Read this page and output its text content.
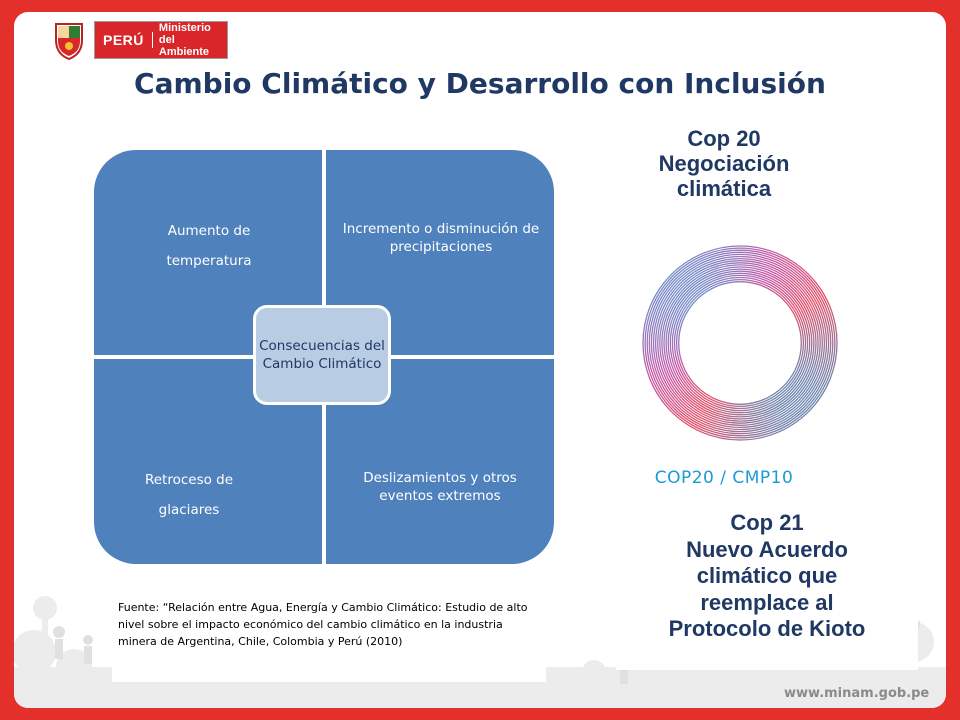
PERÚ
Ministerio
del Ambiente
Cambio Climático y Desarrollo con Inclusión
Aumento de temperatura
Incremento o disminución de precipitaciones
Retroceso de glaciares
Deslizamientos y otros eventos extremos
Consecuencias del Cambio Climático
Fuente: “Relación entre Agua, Energía y Cambio Climático: Estudio de alto nivel sobre el impacto económico del cambio climático en la industria minera de Argentina, Chile, Colombia y Perú (2010)
Cop 20
Negociación
climática
COP20 / CMP10
Cop 21
Nuevo Acuerdo
climático que
reemplace al
Protocolo de Kioto
www.minam.gob.pe
